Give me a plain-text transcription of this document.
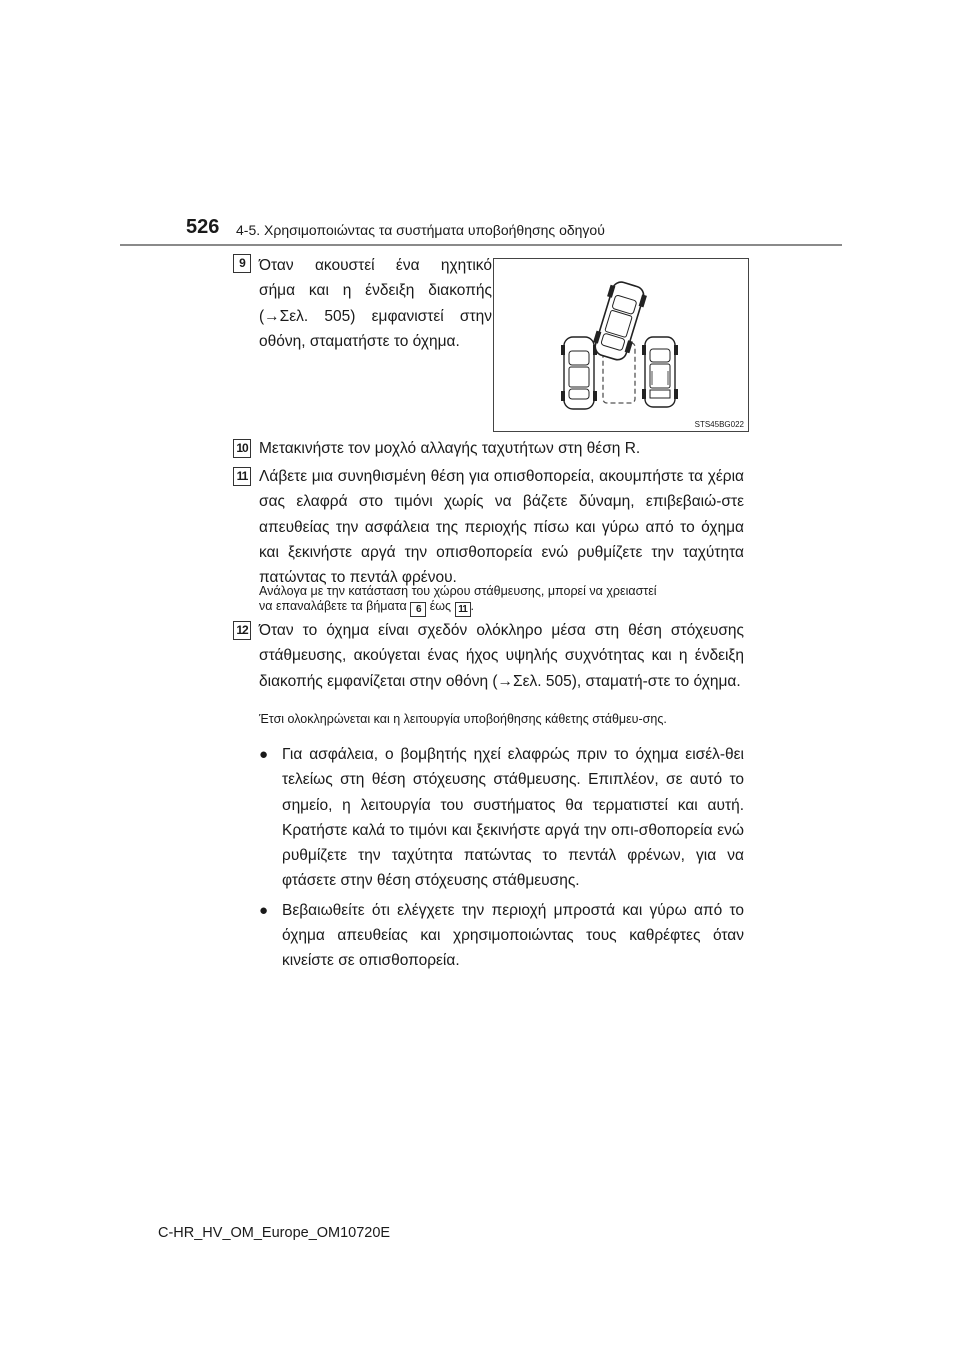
526 4-5. Χρησιμοποιώντας τα συστήματα υποβοήθησης οδηγού
9 Όταν ακουστεί ένα ηχητικό
σήμα και η ένδειξη διακοπής
(→Σελ. 505) εμφανιστεί στην
οθόνη, σταματήστε το όχημα.
STS45BG022
10 Μετακινήστε τον μοχλό αλλαγής ταχυτήτων στη θέση R.
11 Λάβετε μια συνηθισμένη θέση για οπισθοπορεία, ακουμπήστε τα χέρια σας ελαφρά στο τιμόνι χωρίς να βάζετε δύναμη, επιβεβαιώ-στε απευθείας την ασφάλεια της περιοχής πίσω και γύρω από το όχημα και ξεκινήστε αργά την οπισθοπορεία ενώ ρυθμίζετε την ταχύτητα πατώντας το πεντάλ φρένου.
Ανάλογα με την κατάσταση του χώρου στάθμευσης, μπορεί να χρειαστεί
να επαναλάβετε τα βήματα 6 έως 11 .
12 Όταν το όχημα είναι σχεδόν ολόκληρο μέσα στη θέση στόχευσης στάθμευσης, ακούγεται ένας ήχος υψηλής συχνότητας και η ένδειξη διακοπής εμφανίζεται στην οθόνη (→Σελ. 505), σταματή-στε το όχημα.
Έτσι ολοκληρώνεται και η λειτουργία υποβοήθησης κάθετης στάθμευ-σης.
● Για ασφάλεια, ο βομβητής ηχεί ελαφρώς πριν το όχημα εισέλ-θει τελείως στη θέση στόχευσης στάθμευσης. Επιπλέον, σε αυτό το σημείο, η λειτουργία του συστήματος θα τερματιστεί και αυτή. Κρατήστε καλά το τιμόνι και ξεκινήστε αργά την οπι-σθοπορεία ενώ ρυθμίζετε την ταχύτητα πατώντας το πεντάλ φρένων, για να φτάσετε στην θέση στόχευσης στάθμευσης.
● Βεβαιωθείτε ότι ελέγχετε την περιοχή μπροστά και γύρω από το όχημα απευθείας και χρησιμοποιώντας τους καθρέφτες όταν κινείστε σε οπισθοπορεία.
C-HR_HV_OM_Europe_OM10720E
